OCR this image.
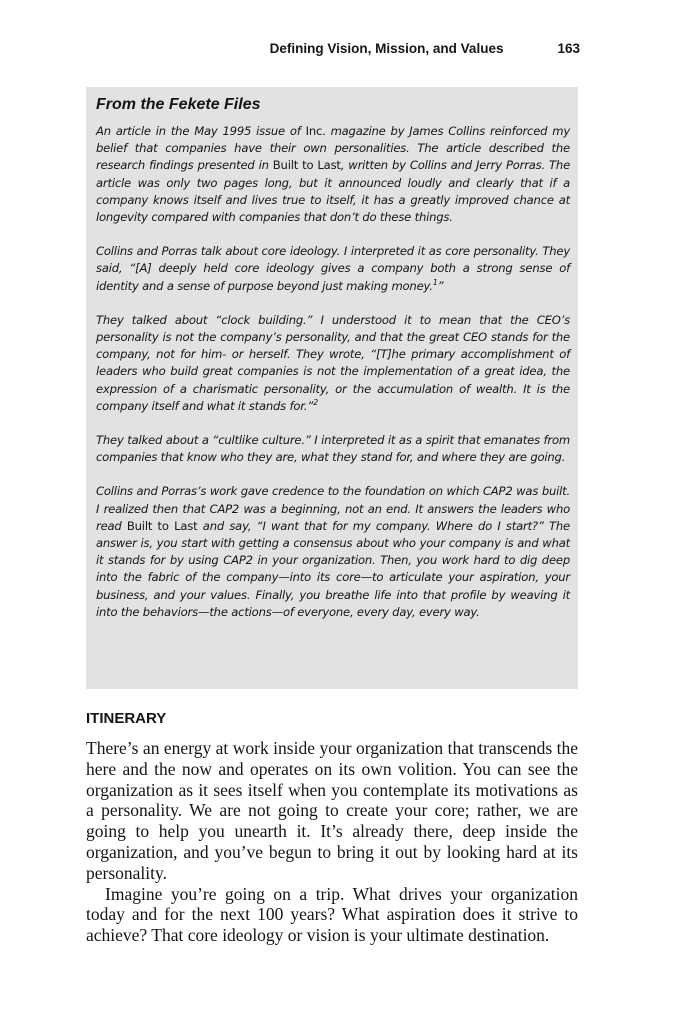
Defining Vision, Mission, and Values	163
From the Fekete Files

An article in the May 1995 issue of Inc. magazine by James Collins reinforced my belief that companies have their own personalities. The article described the research findings presented in Built to Last, written by Collins and Jerry Porras. The article was only two pages long, but it announced loudly and clearly that if a company knows itself and lives true to itself, it has a greatly improved chance at longevity compared with companies that don’t do these things.

Collins and Porras talk about core ideology. I interpreted it as core personality. They said, “[A] deeply held core ideology gives a company both a strong sense of identity and a sense of purpose beyond just making money.$^1$”

They talked about “clock building.” I understood it to mean that the CEO’s personality is not the company’s personality, and that the great CEO stands for the company, not for him- or herself. They wrote, “[T]he primary accomplishment of leaders who build great companies is not the implementation of a great idea, the expression of a charismatic personality, or the accumulation of wealth. It is the company itself and what it stands for.”$^2$

They talked about a “cultlike culture.” I interpreted it as a spirit that emanates from companies that know who they are, what they stand for, and where they are going.

Collins and Porras’s work gave credence to the foundation on which CAP2 was built. I realized then that CAP2 was a beginning, not an end. It answers the leaders who read Built to Last and say, “I want that for my company. Where do I start?” The answer is, you start with getting a consensus about who your company is and what it stands for by using CAP2 in your organization. Then, you work hard to dig deep into the fabric of the company—into its core—to articulate your aspiration, your business, and your values. Finally, you breathe life into that profile by weaving it into the behaviors—the actions—of everyone, every day, every way.

ITINERARY

There’s an energy at work inside your organization that transcends the here and the now and operates on its own volition. You can see the organization as it sees itself when you contemplate its motivations as a personality. We are not going to create your core; rather, we are going to help you unearth it. It’s already there, deep inside the organization, and you’ve begun to bring it out by looking hard at its personality.

Imagine you’re going on a trip. What drives your organization today and for the next 100 years? What aspiration does it strive to achieve? That core ideology or vision is your ultimate destination.
